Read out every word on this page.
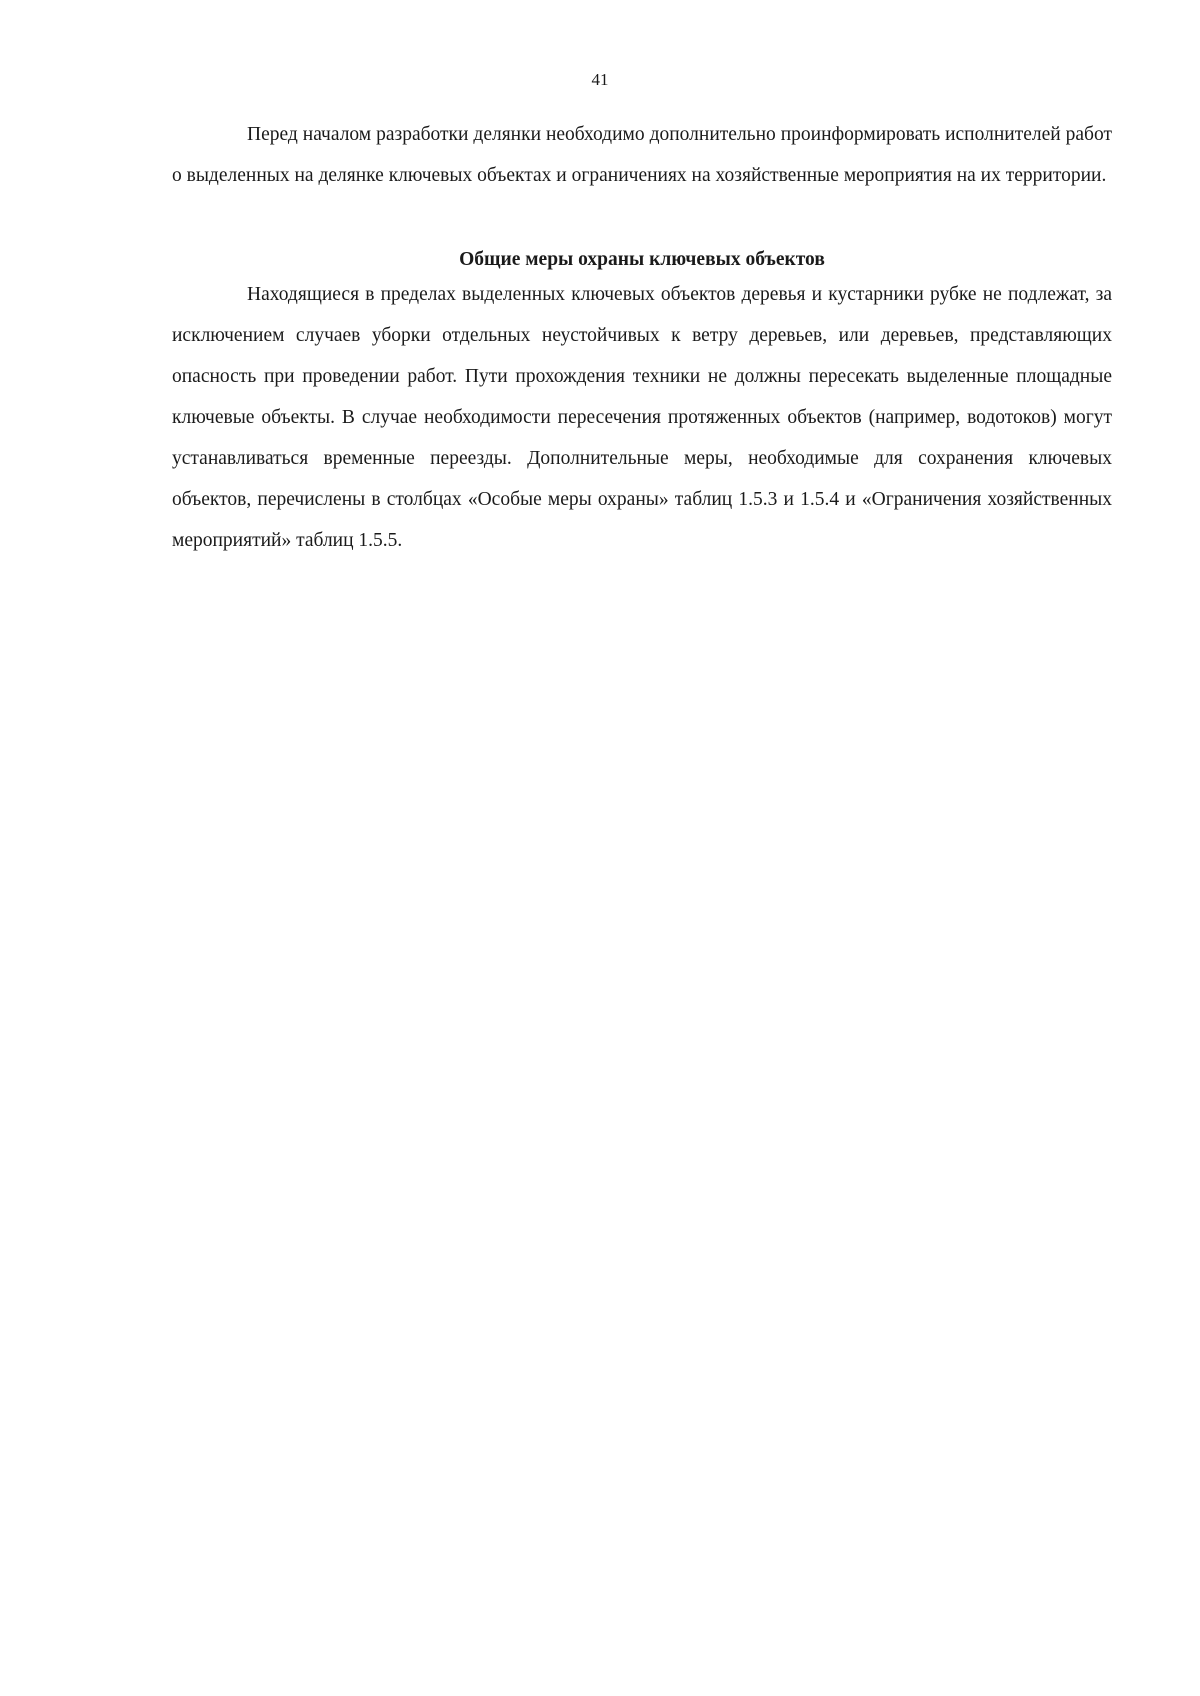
41

Перед началом разработки делянки необходимо дополнительно проинформировать исполнителей работ о выделенных на делянке ключевых объектах и ограничениях на хозяйственные мероприятия на их территории.

Общие меры охраны ключевых объектов

Находящиеся в пределах выделенных ключевых объектов деревья и кустарники рубке не подлежат, за исключением случаев уборки отдельных неустойчивых к ветру деревьев, или деревьев, представляющих опасность при проведении работ. Пути прохождения техники не должны пересекать выделенные площадные ключевые объекты. В случае необходимости пересечения протяженных объектов (например, водотоков) могут устанавливаться временные переезды. Дополнительные меры, необходимые для сохранения ключевых объектов, перечислены в столбцах «Особые меры охраны» таблиц 1.5.3 и 1.5.4 и «Ограничения хозяйственных мероприятий» таблиц 1.5.5.
